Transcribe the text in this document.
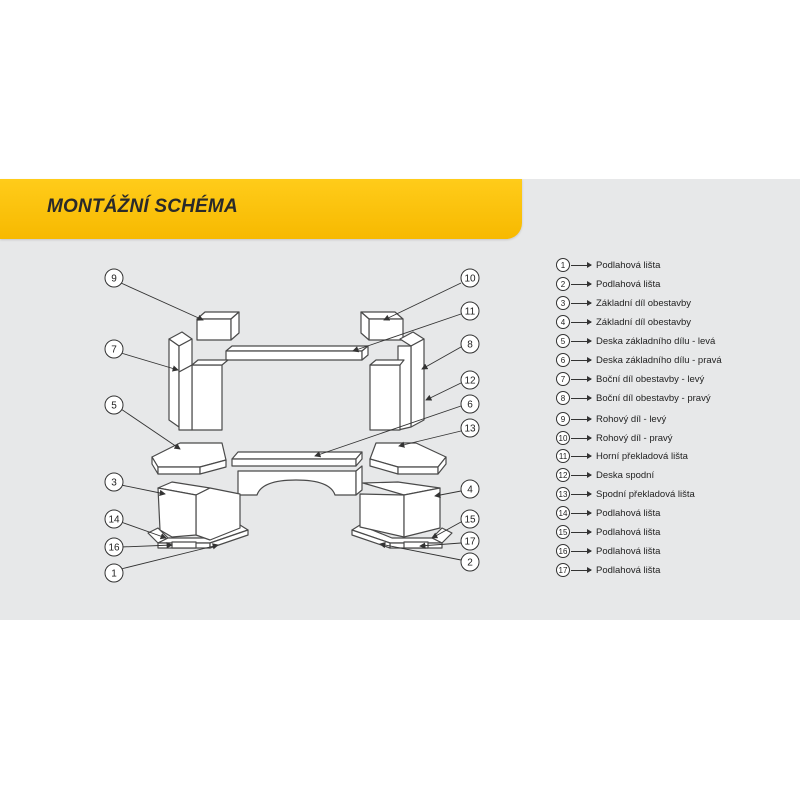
MONTÁŽNÍ SCHÉMA
9	10
11
7	8
12
5	6
13
3
4
14	15
16
17
1
2
1	Podlahová lišta
2	Podlahová lišta
3	Základní díl obestavby
4	Základní díl obestavby
5	Deska základního dílu - levá
6	Deska základního dílu - pravá
7	Boční díl obestavby - levý
8	Boční díl obestavby - pravý
9	Rohový díl - levý
10	Rohový díl - pravý
11	Horní překladová lišta
12	Deska spodní
13	Spodní překladová lišta
14	Podlahová lišta
15	Podlahová lišta
16	Podlahová lišta
17	Podlahová lišta
